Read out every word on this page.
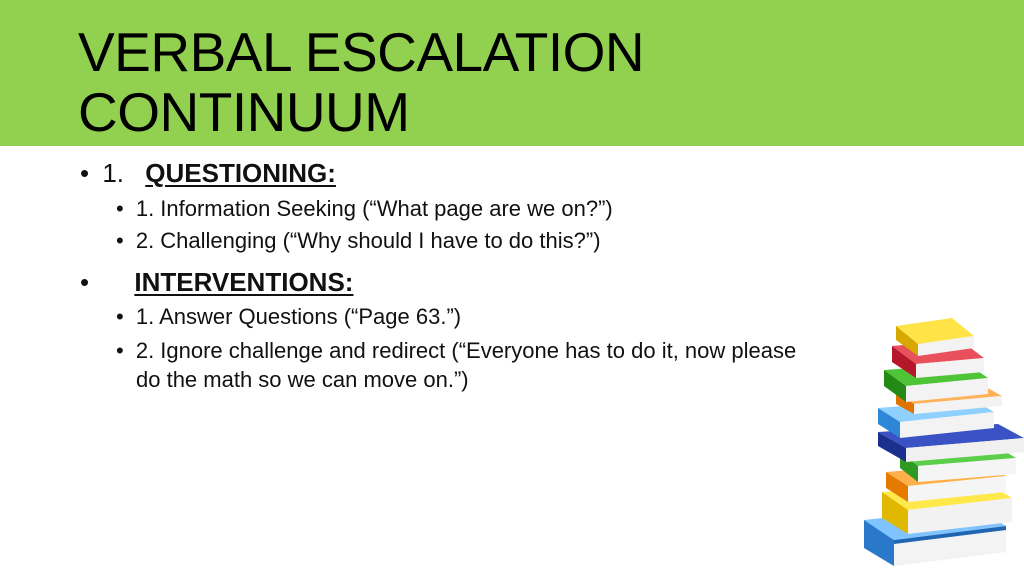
VERBAL ESCALATION
CONTINUUM
• 1. QUESTIONING:
• 1. Information Seeking (“What page are we on?”)
• 2. Challenging (“Why should I have to do this?”)
• INTERVENTIONS:
• 1. Answer Questions (“Page 63.”)
• 2. Ignore challenge and redirect (“Everyone has to do it, now please
do the math so we can move on.”)
